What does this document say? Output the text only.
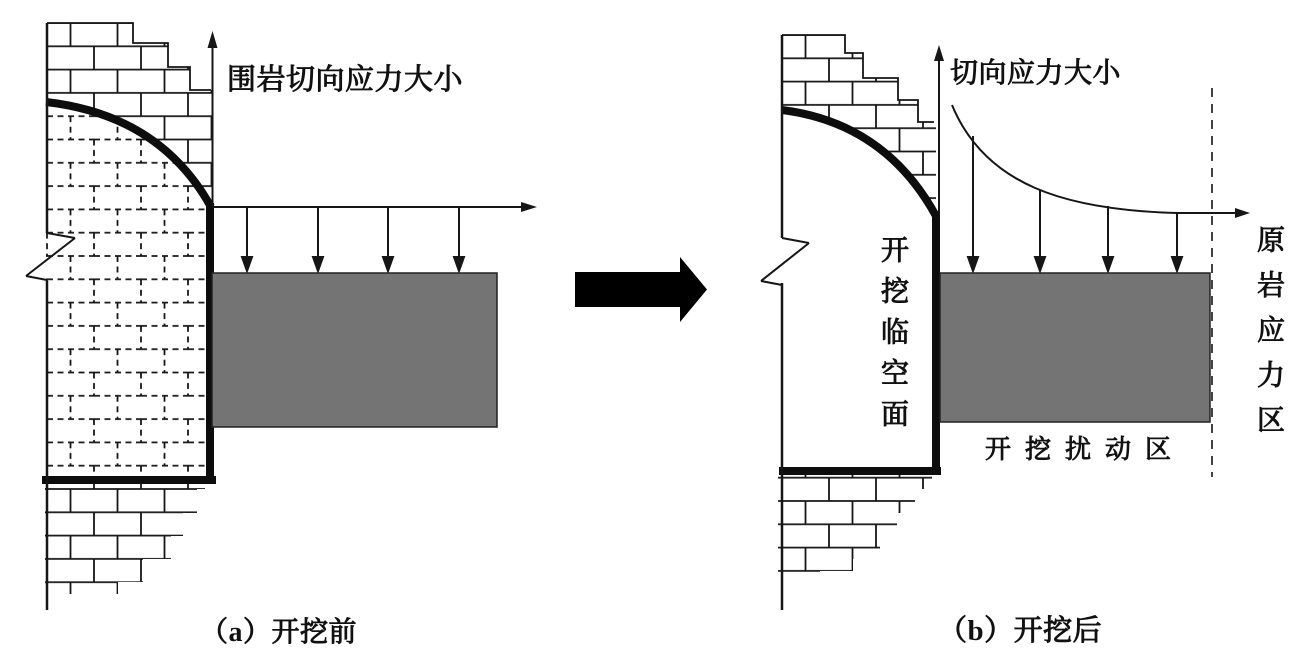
围岩切向应力大小	切向应力大小
开挖临空面	原岩应力区
开挖扰动区
（a）开挖前	（b）开挖后
